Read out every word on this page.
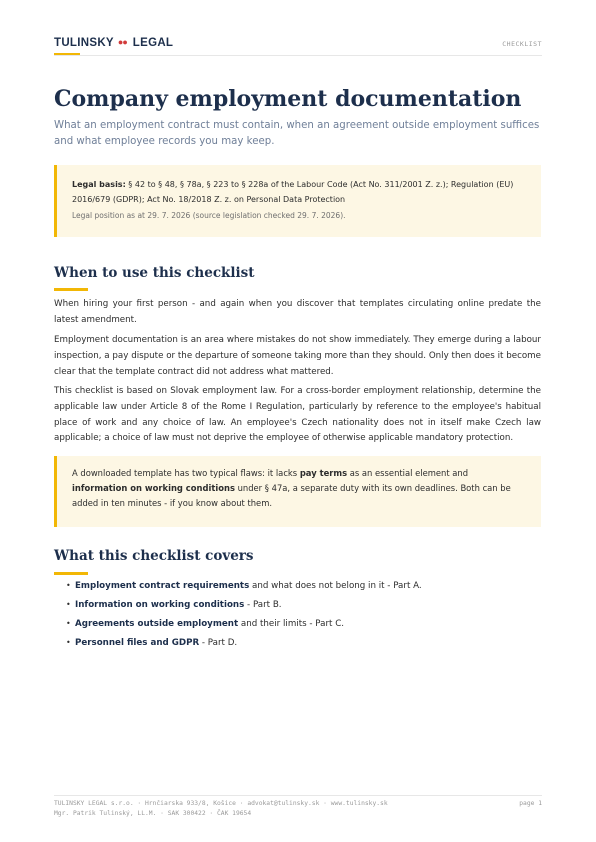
TULINSKY ●● LEGAL	CHECKLIST
Company employment documentation

What an employment contract must contain, when an agreement outside employment suffices and what employee records you may keep.

Legal basis: § 42 to § 48, § 78a, § 223 to § 228a of the Labour Code (Act No. 311/2001 Z. z.); Regulation (EU) 2016/679 (GDPR); Act No. 18/2018 Z. z. on Personal Data Protection

Legal position as at 29. 7. 2026 (source legislation checked 29. 7. 2026).

When to use this checklist

When hiring your first person - and again when you discover that templates circulating online predate the latest amendment.

Employment documentation is an area where mistakes do not show immediately. They emerge during a labour inspection, a pay dispute or the departure of someone taking more than they should. Only then does it become clear that the template contract did not address what mattered.

This checklist is based on Slovak employment law. For a cross-border employment relationship, determine the applicable law under Article 8 of the Rome I Regulation, particularly by reference to the employee's habitual place of work and any choice of law. An employee's Czech nationality does not in itself make Czech law applicable; a choice of law must not deprive the employee of otherwise applicable mandatory protection.

A downloaded template has two typical flaws: it lacks pay terms as an essential element and information on working conditions under § 47a, a separate duty with its own deadlines. Both can be added in ten minutes - if you know about them.

What this checklist covers
• Employment contract requirements and what does not belong in it - Part A.
• Information on working conditions - Part B.
• Agreements outside employment and their limits - Part C.
• Personnel files and GDPR - Part D.
TULINSKY LEGAL s.r.o. · Hrnčiarska 933/8, Košice · advokat@tulinsky.sk · www.tulinsky.sk
Mgr. Patrik Tulinský, LL.M. · SAK 300422 · ČAK 19654
page 1
